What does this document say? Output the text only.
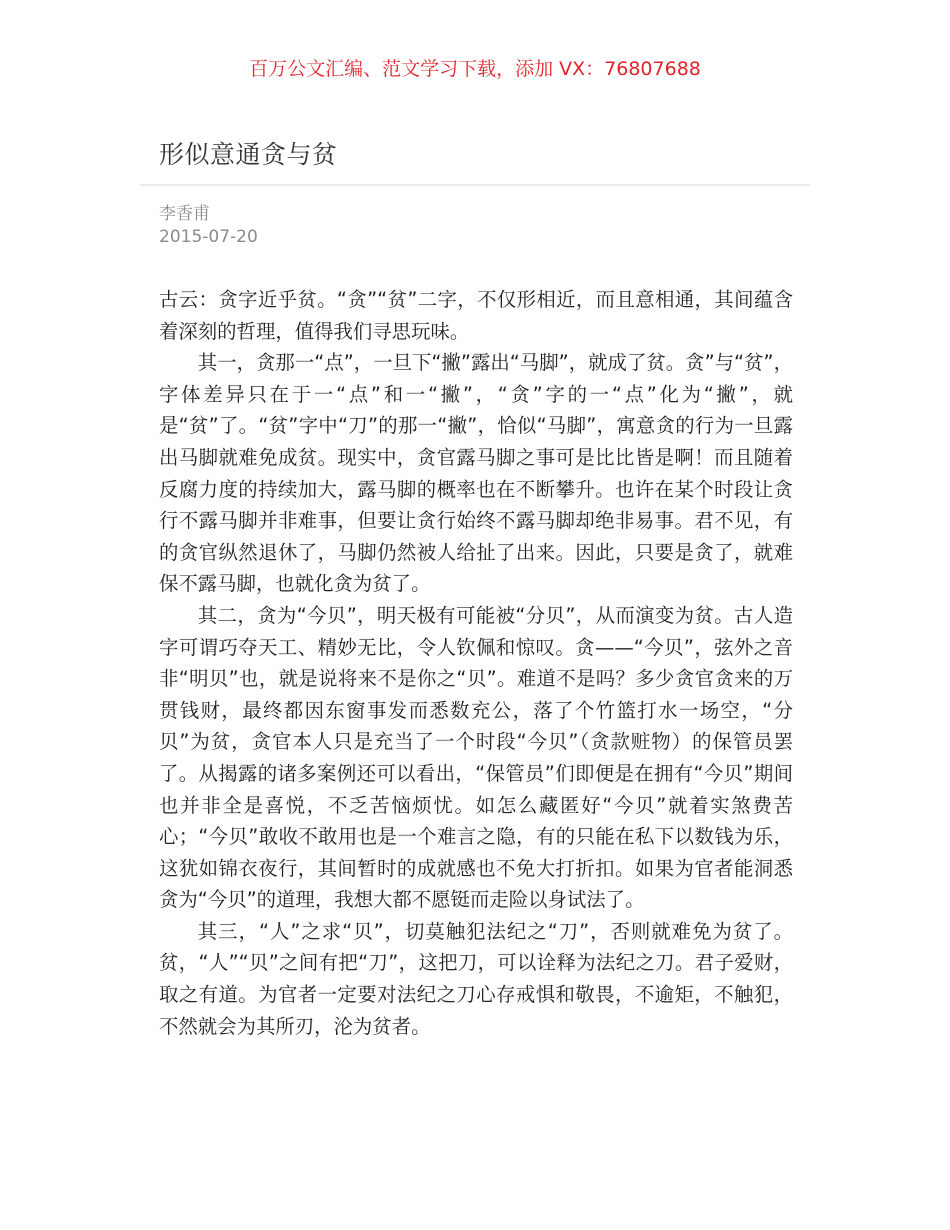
百万公文汇编、范文学习下载，添加 VX：76807688
形似意通贪与贫
李香甫
2015-07-20

古云：贪字近乎贫。“贪”“贫”二字，不仅形相近，而且意相通，其间蕴含着深刻的哲理，值得我们寻思玩味。

其一，贪那一“点”，一旦下“撇”露出“马脚”，就成了贫。贪”与“贫”，字体差异只在于一“点”和一“撇”，“贪”字的一“点”化为“撇”，就是“贫”了。“贫”字中“刀”的那一“撇”，恰似“马脚”，寓意贪的行为一旦露出马脚就难免成贫。现实中，贪官露马脚之事可是比比皆是啊！而且随着反腐力度的持续加大，露马脚的概率也在不断攀升。也许在某个时段让贪行不露马脚并非难事，但要让贪行始终不露马脚却绝非易事。君不见，有的贪官纵然退休了，马脚仍然被人给扯了出来。因此，只要是贪了，就难保不露马脚，也就化贪为贫了。

其二，贪为“今贝”，明天极有可能被“分贝”，从而演变为贫。古人造字可谓巧夺天工、精妙无比，令人钦佩和惊叹。贪——“今贝”，弦外之音非“明贝”也，就是说将来不是你之“贝”。难道不是吗？多少贪官贪来的万贯钱财，最终都因东窗事发而悉数充公，落了个竹篮打水一场空，“分贝”为贫，贪官本人只是充当了一个时段“今贝”（贪款赃物）的保管员罢了。从揭露的诸多案例还可以看出，“保管员”们即便是在拥有“今贝”期间也并非全是喜悦，不乏苦恼烦忧。如怎么藏匿好“今贝”就着实煞费苦心；“今贝”敢收不敢用也是一个难言之隐，有的只能在私下以数钱为乐，这犹如锦衣夜行，其间暂时的成就感也不免大打折扣。如果为官者能洞悉贪为“今贝”的道理，我想大都不愿铤而走险以身试法了。

其三，“人”之求“贝”，切莫触犯法纪之“刀”，否则就难免为贫了。贫，“人”“贝”之间有把“刀”，这把刀，可以诠释为法纪之刀。君子爱财，取之有道。为官者一定要对法纪之刀心存戒惧和敬畏，不逾矩，不触犯，不然就会为其所刃，沦为贫者。
